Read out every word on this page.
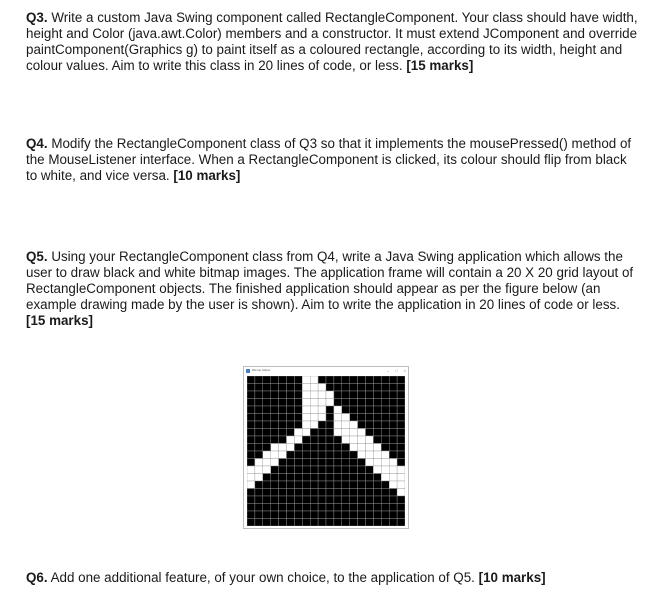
Q3. Write a custom Java Swing component called RectangleComponent. Your class should have width, height and Color (java.awt.Color) members and a constructor. It must extend JComponent and override paintComponent(Graphics g) to paint itself as a coloured rectangle, according to its width, height and colour values. Aim to write this class in 20 lines of code, or less. [15 marks]

Q4. Modify the RectangleComponent class of Q3 so that it implements the mousePressed() method of the MouseListener interface. When a RectangleComponent is clicked, its colour should flip from black to white, and vice versa. [10 marks]

Q5. Using your RectangleComponent class from Q4, write a Java Swing application which allows the user to draw black and white bitmap images. The application frame will contain a 20 X 20 grid layout of RectangleComponent objects. The finished application should appear as per the figure below (an example drawing made by the user is shown). Aim to write the application in 20 lines of code or less. [15 marks]

Bitmap Maker	– □ ×

Q6. Add one additional feature, of your own choice, to the application of Q5. [10 marks]
